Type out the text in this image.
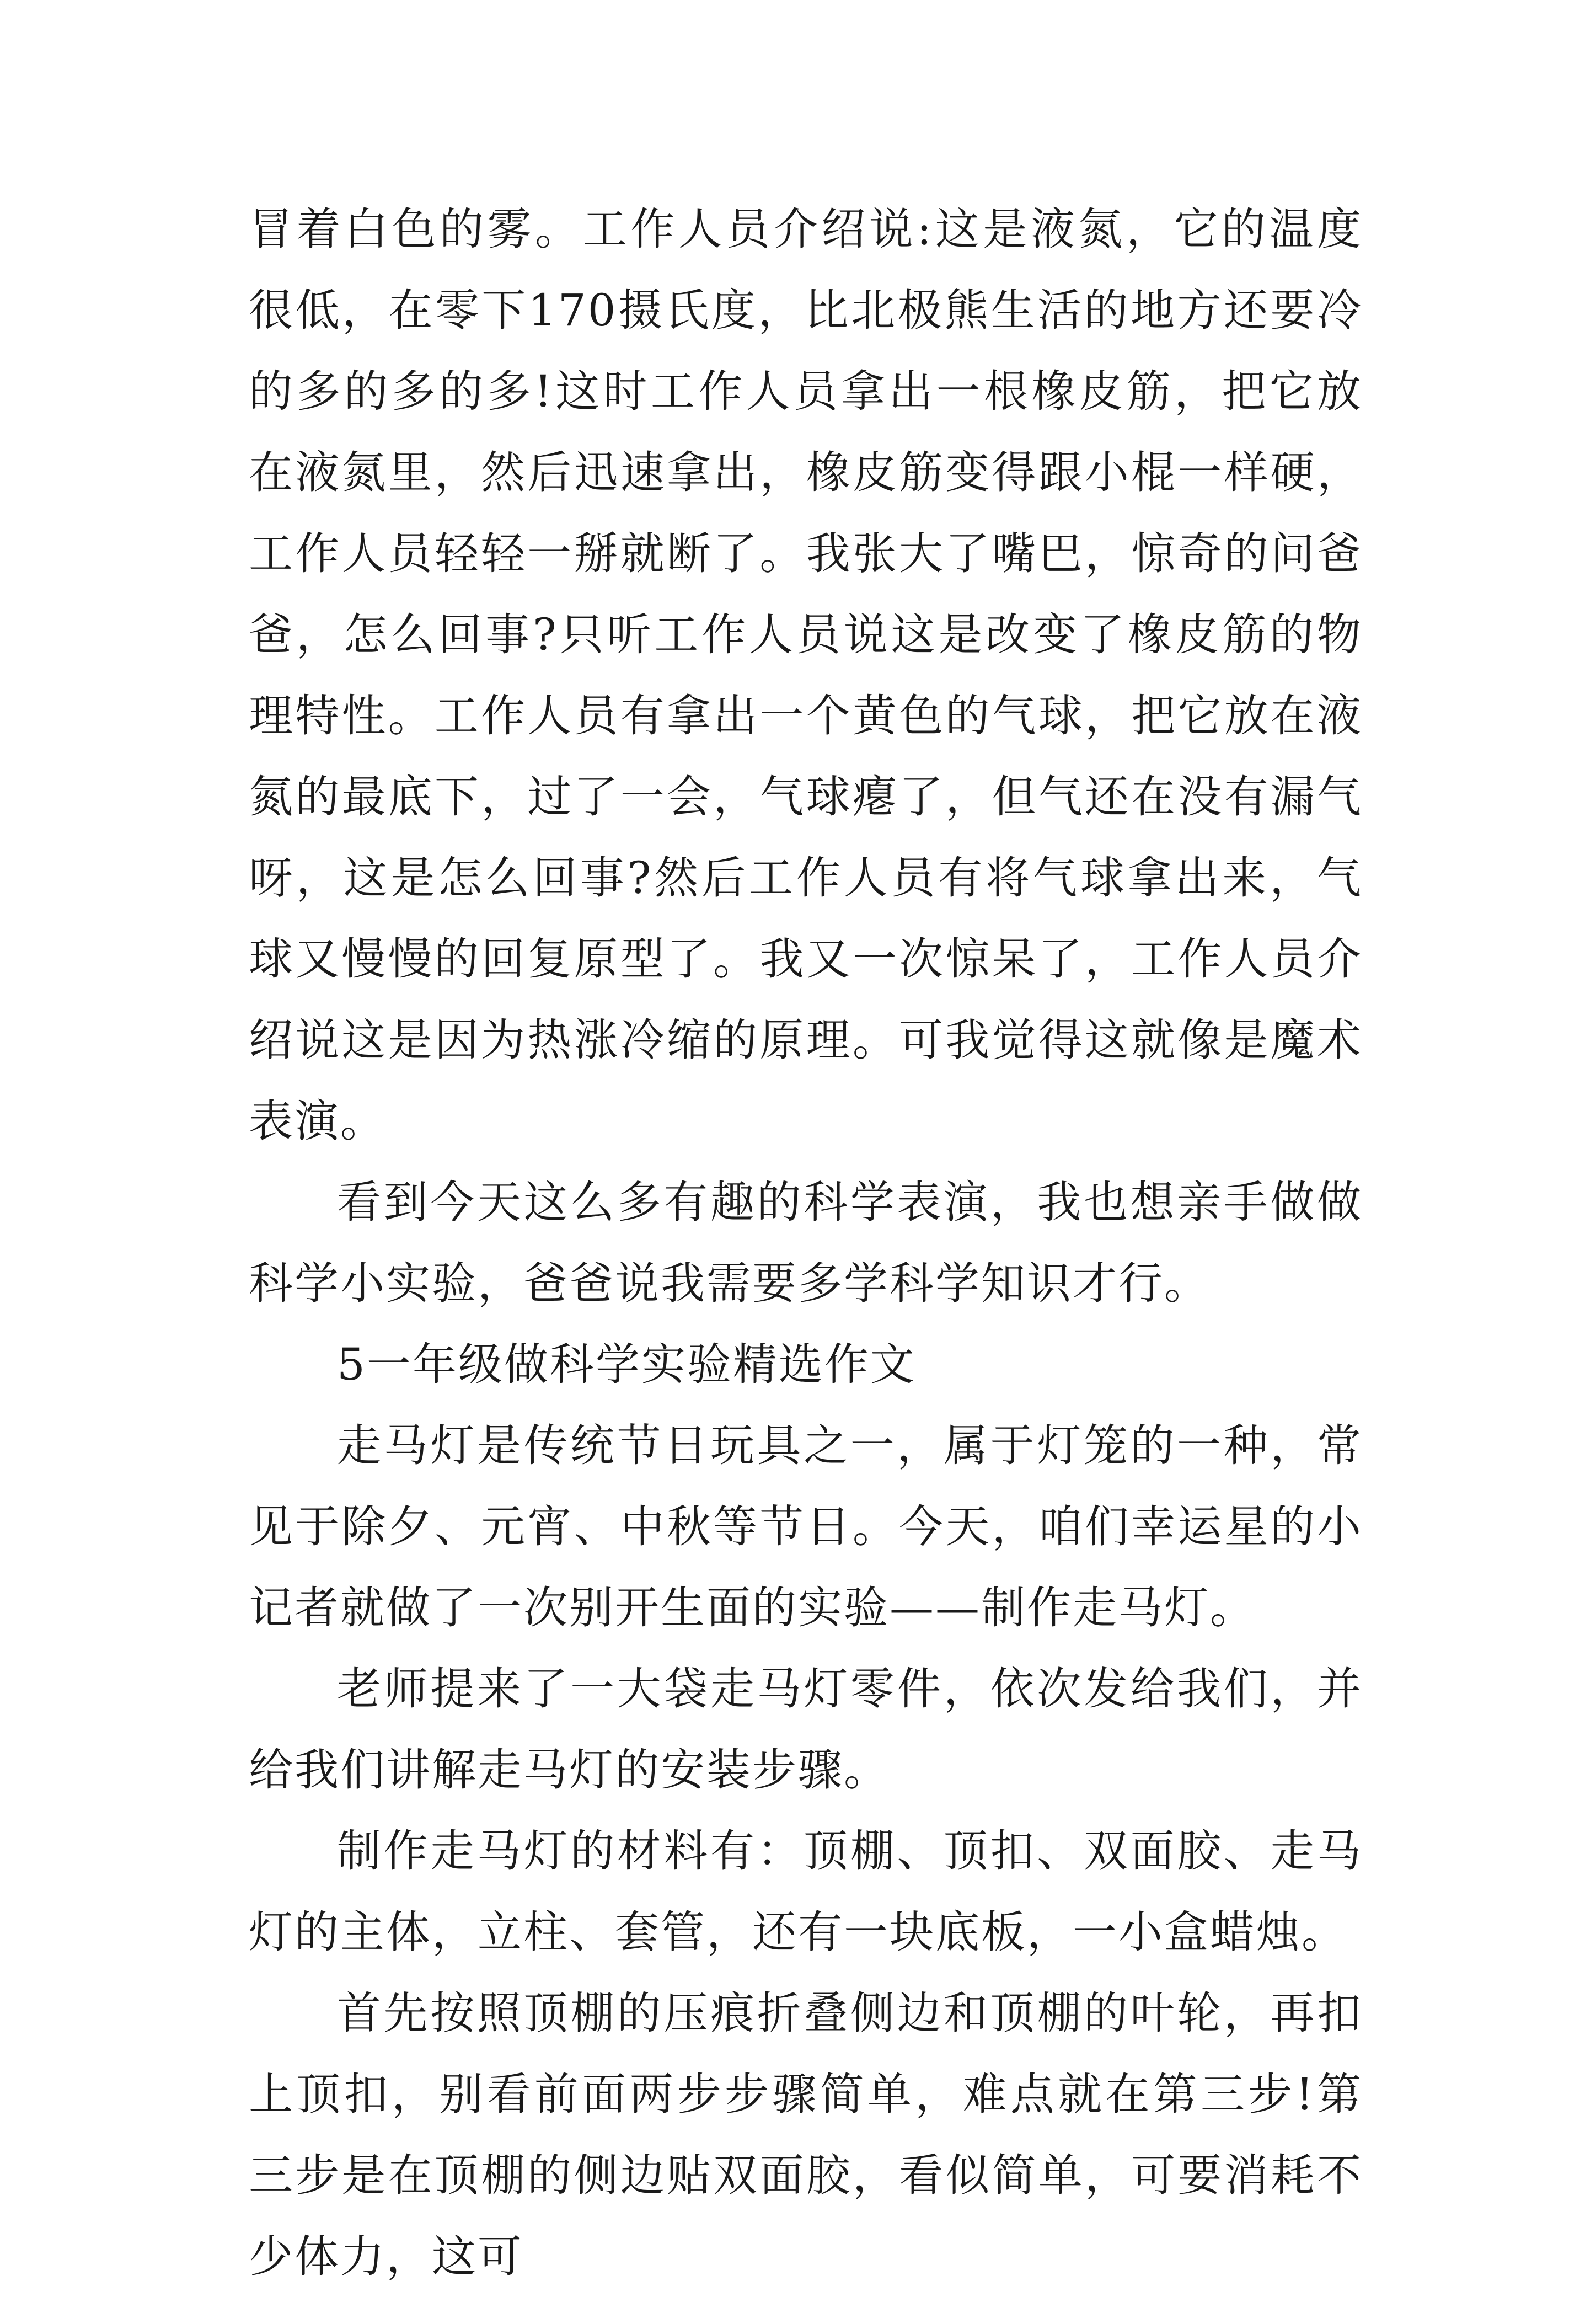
冒着白色的雾。工作人员介绍说:这是液氮，它的温度很低，在零下170摄氏度，比北极熊生活的地方还要冷的多的多的多!这时工作人员拿出一根橡皮筋，把它放在液氮里，然后迅速拿出，橡皮筋变得跟小棍一样硬，工作人员轻轻一掰就断了。我张大了嘴巴，惊奇的问爸爸，怎么回事?只听工作人员说这是改变了橡皮筋的物理特性。工作人员有拿出一个黄色的气球，把它放在液氮的最底下，过了一会，气球瘪了，但气还在没有漏气呀，这是怎么回事?然后工作人员有将气球拿出来，气球又慢慢的回复原型了。我又一次惊呆了，工作人员介绍说这是因为热涨冷缩的原理。可我觉得这就像是魔术表演。

看到今天这么多有趣的科学表演，我也想亲手做做科学小实验，爸爸说我需要多学科学知识才行。

5一年级做科学实验精选作文

走马灯是传统节日玩具之一，属于灯笼的一种，常见于除夕、元宵、中秋等节日。今天，咱们幸运星的小记者就做了一次别开生面的实验——制作走马灯。

老师提来了一大袋走马灯零件，依次发给我们，并给我们讲解走马灯的安装步骤。

制作走马灯的材料有：顶棚、顶扣、双面胶、走马灯的主体，立柱、套管，还有一块底板，一小盒蜡烛。

首先按照顶棚的压痕折叠侧边和顶棚的叶轮，再扣上顶扣，别看前面两步步骤简单，难点就在第三步!第三步是在顶棚的侧边贴双面胶，看似简单，可要消耗不少体力，这可
